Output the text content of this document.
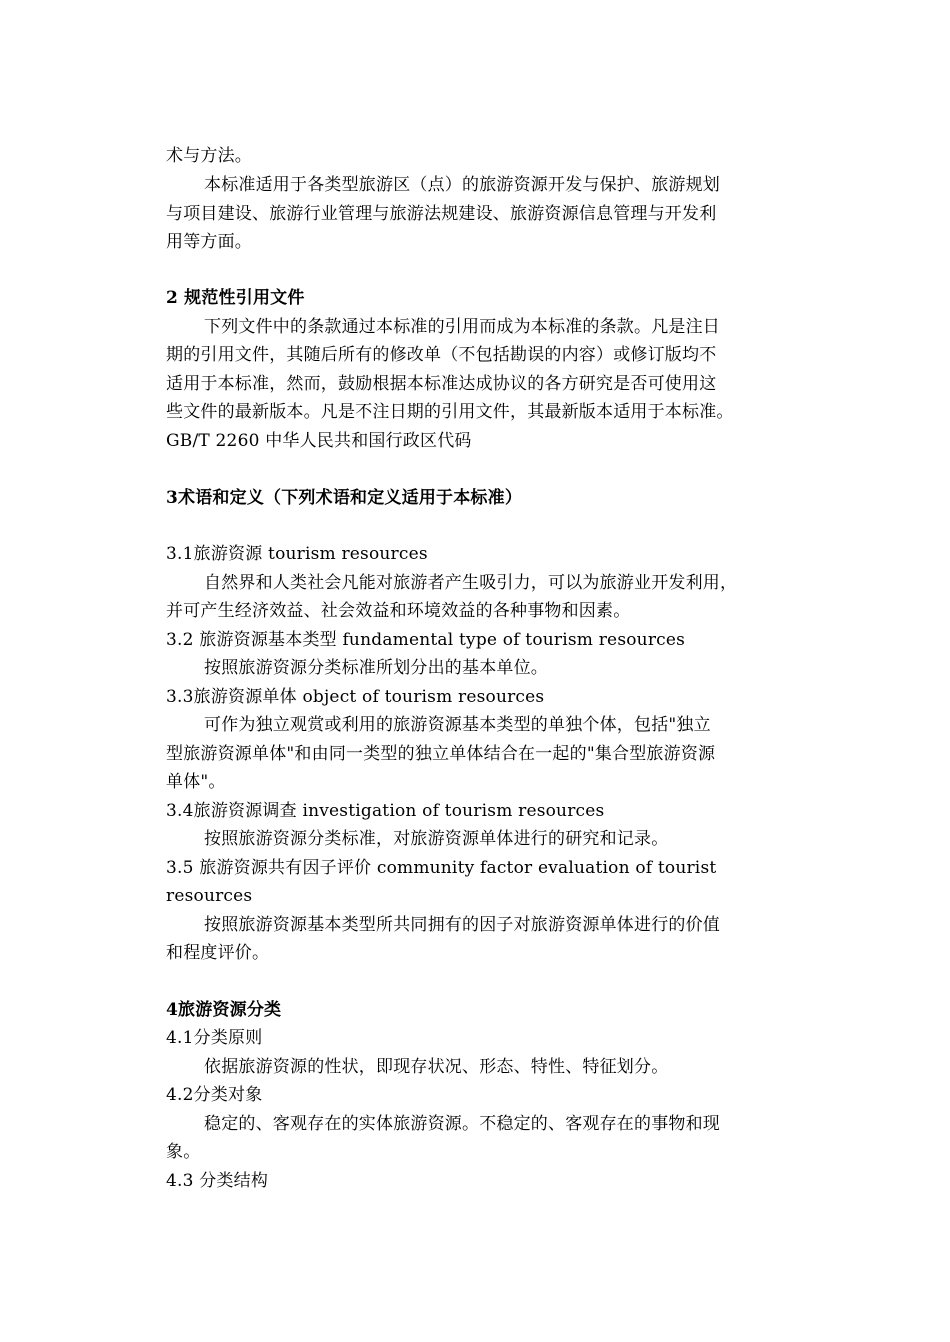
术与方法。
本标准适用于各类型旅游区（点）的旅游资源开发与保护、旅游规划
与项目建设、旅游行业管理与旅游法规建设、旅游资源信息管理与开发利
用等方面。
2 规范性引用文件
下列文件中的条款通过本标准的引用而成为本标准的条款。凡是注日
期的引用文件，其随后所有的修改单（不包括勘误的内容）或修订版均不
适用于本标准，然而，鼓励根据本标准达成协议的各方研究是否可使用这
些文件的最新版本。凡是不注日期的引用文件，其最新版本适用于本标准。
GB/T 2260 中华人民共和国行政区代码
3术语和定义（下列术语和定义适用于本标准）
3.1旅游资源 tourism resources
自然界和人类社会凡能对旅游者产生吸引力，可以为旅游业开发利用，
并可产生经济效益、社会效益和环境效益的各种事物和因素。
3.2 旅游资源基本类型 fundamental type of tourism resources
按照旅游资源分类标准所划分出的基本单位。
3.3旅游资源单体 object of tourism resources
可作为独立观赏或利用的旅游资源基本类型的单独个体，包括"独立
型旅游资源单体"和由同一类型的独立单体结合在一起的"集合型旅游资源
单体"。
3.4旅游资源调查 investigation of tourism resources
按照旅游资源分类标准，对旅游资源单体进行的研究和记录。
3.5 旅游资源共有因子评价 community factor evaluation of tourist
resources
按照旅游资源基本类型所共同拥有的因子对旅游资源单体进行的价值
和程度评价。
4旅游资源分类
4.1分类原则
依据旅游资源的性状，即现存状况、形态、特性、特征划分。
4.2分类对象
稳定的、客观存在的实体旅游资源。不稳定的、客观存在的事物和现
象。
4.3 分类结构
